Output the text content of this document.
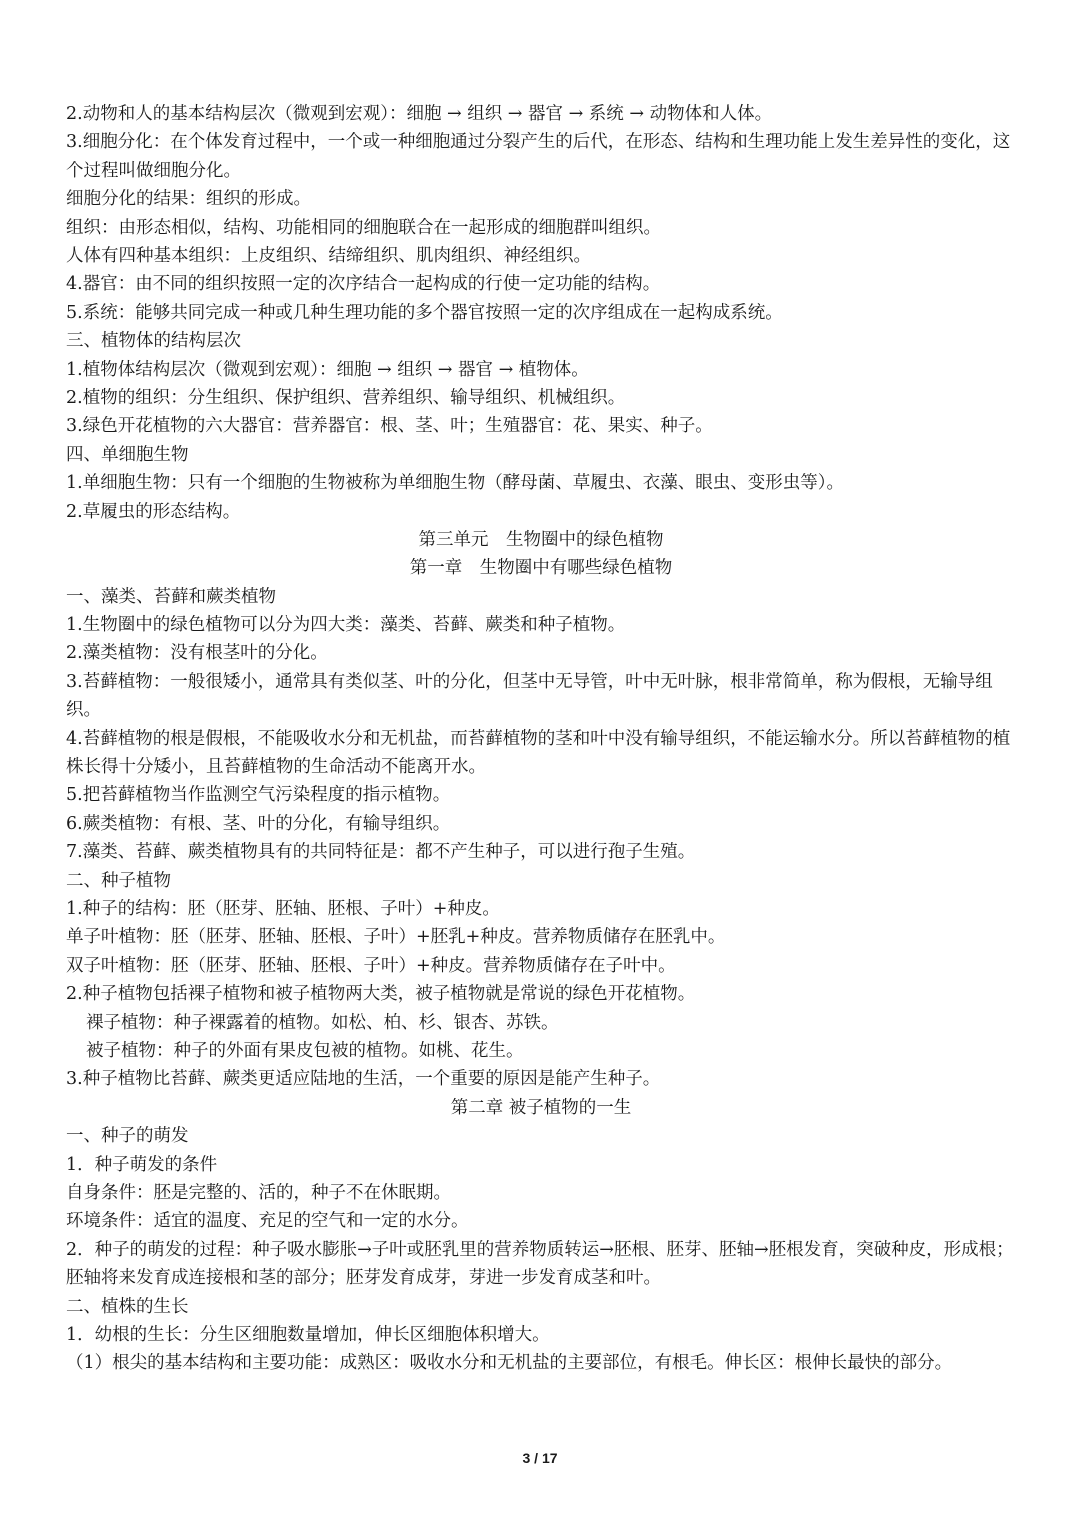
2.动物和人的基本结构层次（微观到宏观）：细胞 → 组织 → 器官 → 系统 → 动物体和人体。
3.细胞分化：在个体发育过程中，一个或一种细胞通过分裂产生的后代，在形态、结构和生理功能上发生差异性的变化，这个过程叫做细胞分化。
细胞分化的结果：组织的形成。
组织：由形态相似，结构、功能相同的细胞联合在一起形成的细胞群叫组织。
人体有四种基本组织：上皮组织、结缔组织、肌肉组织、神经组织。
4.器官：由不同的组织按照一定的次序结合一起构成的行使一定功能的结构。
5.系统：能够共同完成一种或几种生理功能的多个器官按照一定的次序组成在一起构成系统。
三、植物体的结构层次
1.植物体结构层次（微观到宏观）：细胞 → 组织 → 器官 → 植物体。
2.植物的组织：分生组织、保护组织、营养组织、输导组织、机械组织。
3.绿色开花植物的六大器官：营养器官：根、茎、叶；生殖器官：花、果实、种子。
四、单细胞生物
1.单细胞生物：只有一个细胞的生物被称为单细胞生物（酵母菌、草履虫、衣藻、眼虫、变形虫等）。
2.草履虫的形态结构。
第三单元　生物圈中的绿色植物
第一章　生物圈中有哪些绿色植物
一、藻类、苔藓和蕨类植物
1.生物圈中的绿色植物可以分为四大类：藻类、苔藓、蕨类和种子植物。
2.藻类植物：没有根茎叶的分化。
3.苔藓植物：一般很矮小，通常具有类似茎、叶的分化，但茎中无导管，叶中无叶脉，根非常简单，称为假根，无输导组织。
4.苔藓植物的根是假根，不能吸收水分和无机盐，而苔藓植物的茎和叶中没有输导组织，不能运输水分。所以苔藓植物的植株长得十分矮小，且苔藓植物的生命活动不能离开水。
5.把苔藓植物当作监测空气污染程度的指示植物。
6.蕨类植物：有根、茎、叶的分化，有输导组织。
7.藻类、苔藓、蕨类植物具有的共同特征是：都不产生种子，可以进行孢子生殖。
二、种子植物
1.种子的结构：胚（胚芽、胚轴、胚根、子叶）+种皮。
单子叶植物：胚（胚芽、胚轴、胚根、子叶）+胚乳+种皮。营养物质储存在胚乳中。
双子叶植物：胚（胚芽、胚轴、胚根、子叶）+种皮。营养物质储存在子叶中。
2.种子植物包括裸子植物和被子植物两大类，被子植物就是常说的绿色开花植物。
裸子植物：种子裸露着的植物。如松、柏、杉、银杏、苏铁。
被子植物：种子的外面有果皮包被的植物。如桃、花生。
3.种子植物比苔藓、蕨类更适应陆地的生活，一个重要的原因是能产生种子。
第二章 被子植物的一生
一、种子的萌发
1．种子萌发的条件
自身条件：胚是完整的、活的，种子不在休眠期。
环境条件：适宜的温度、充足的空气和一定的水分。
2．种子的萌发的过程：种子吸水膨胀→子叶或胚乳里的营养物质转运→胚根、胚芽、胚轴→胚根发育，突破种皮，形成根；胚轴将来发育成连接根和茎的部分；胚芽发育成芽，芽进一步发育成茎和叶。
二、植株的生长
1．幼根的生长：分生区细胞数量增加，伸长区细胞体积增大。
（1）根尖的基本结构和主要功能：成熟区：吸收水分和无机盐的主要部位，有根毛。伸长区：根伸长最快的部分。
3 / 17
